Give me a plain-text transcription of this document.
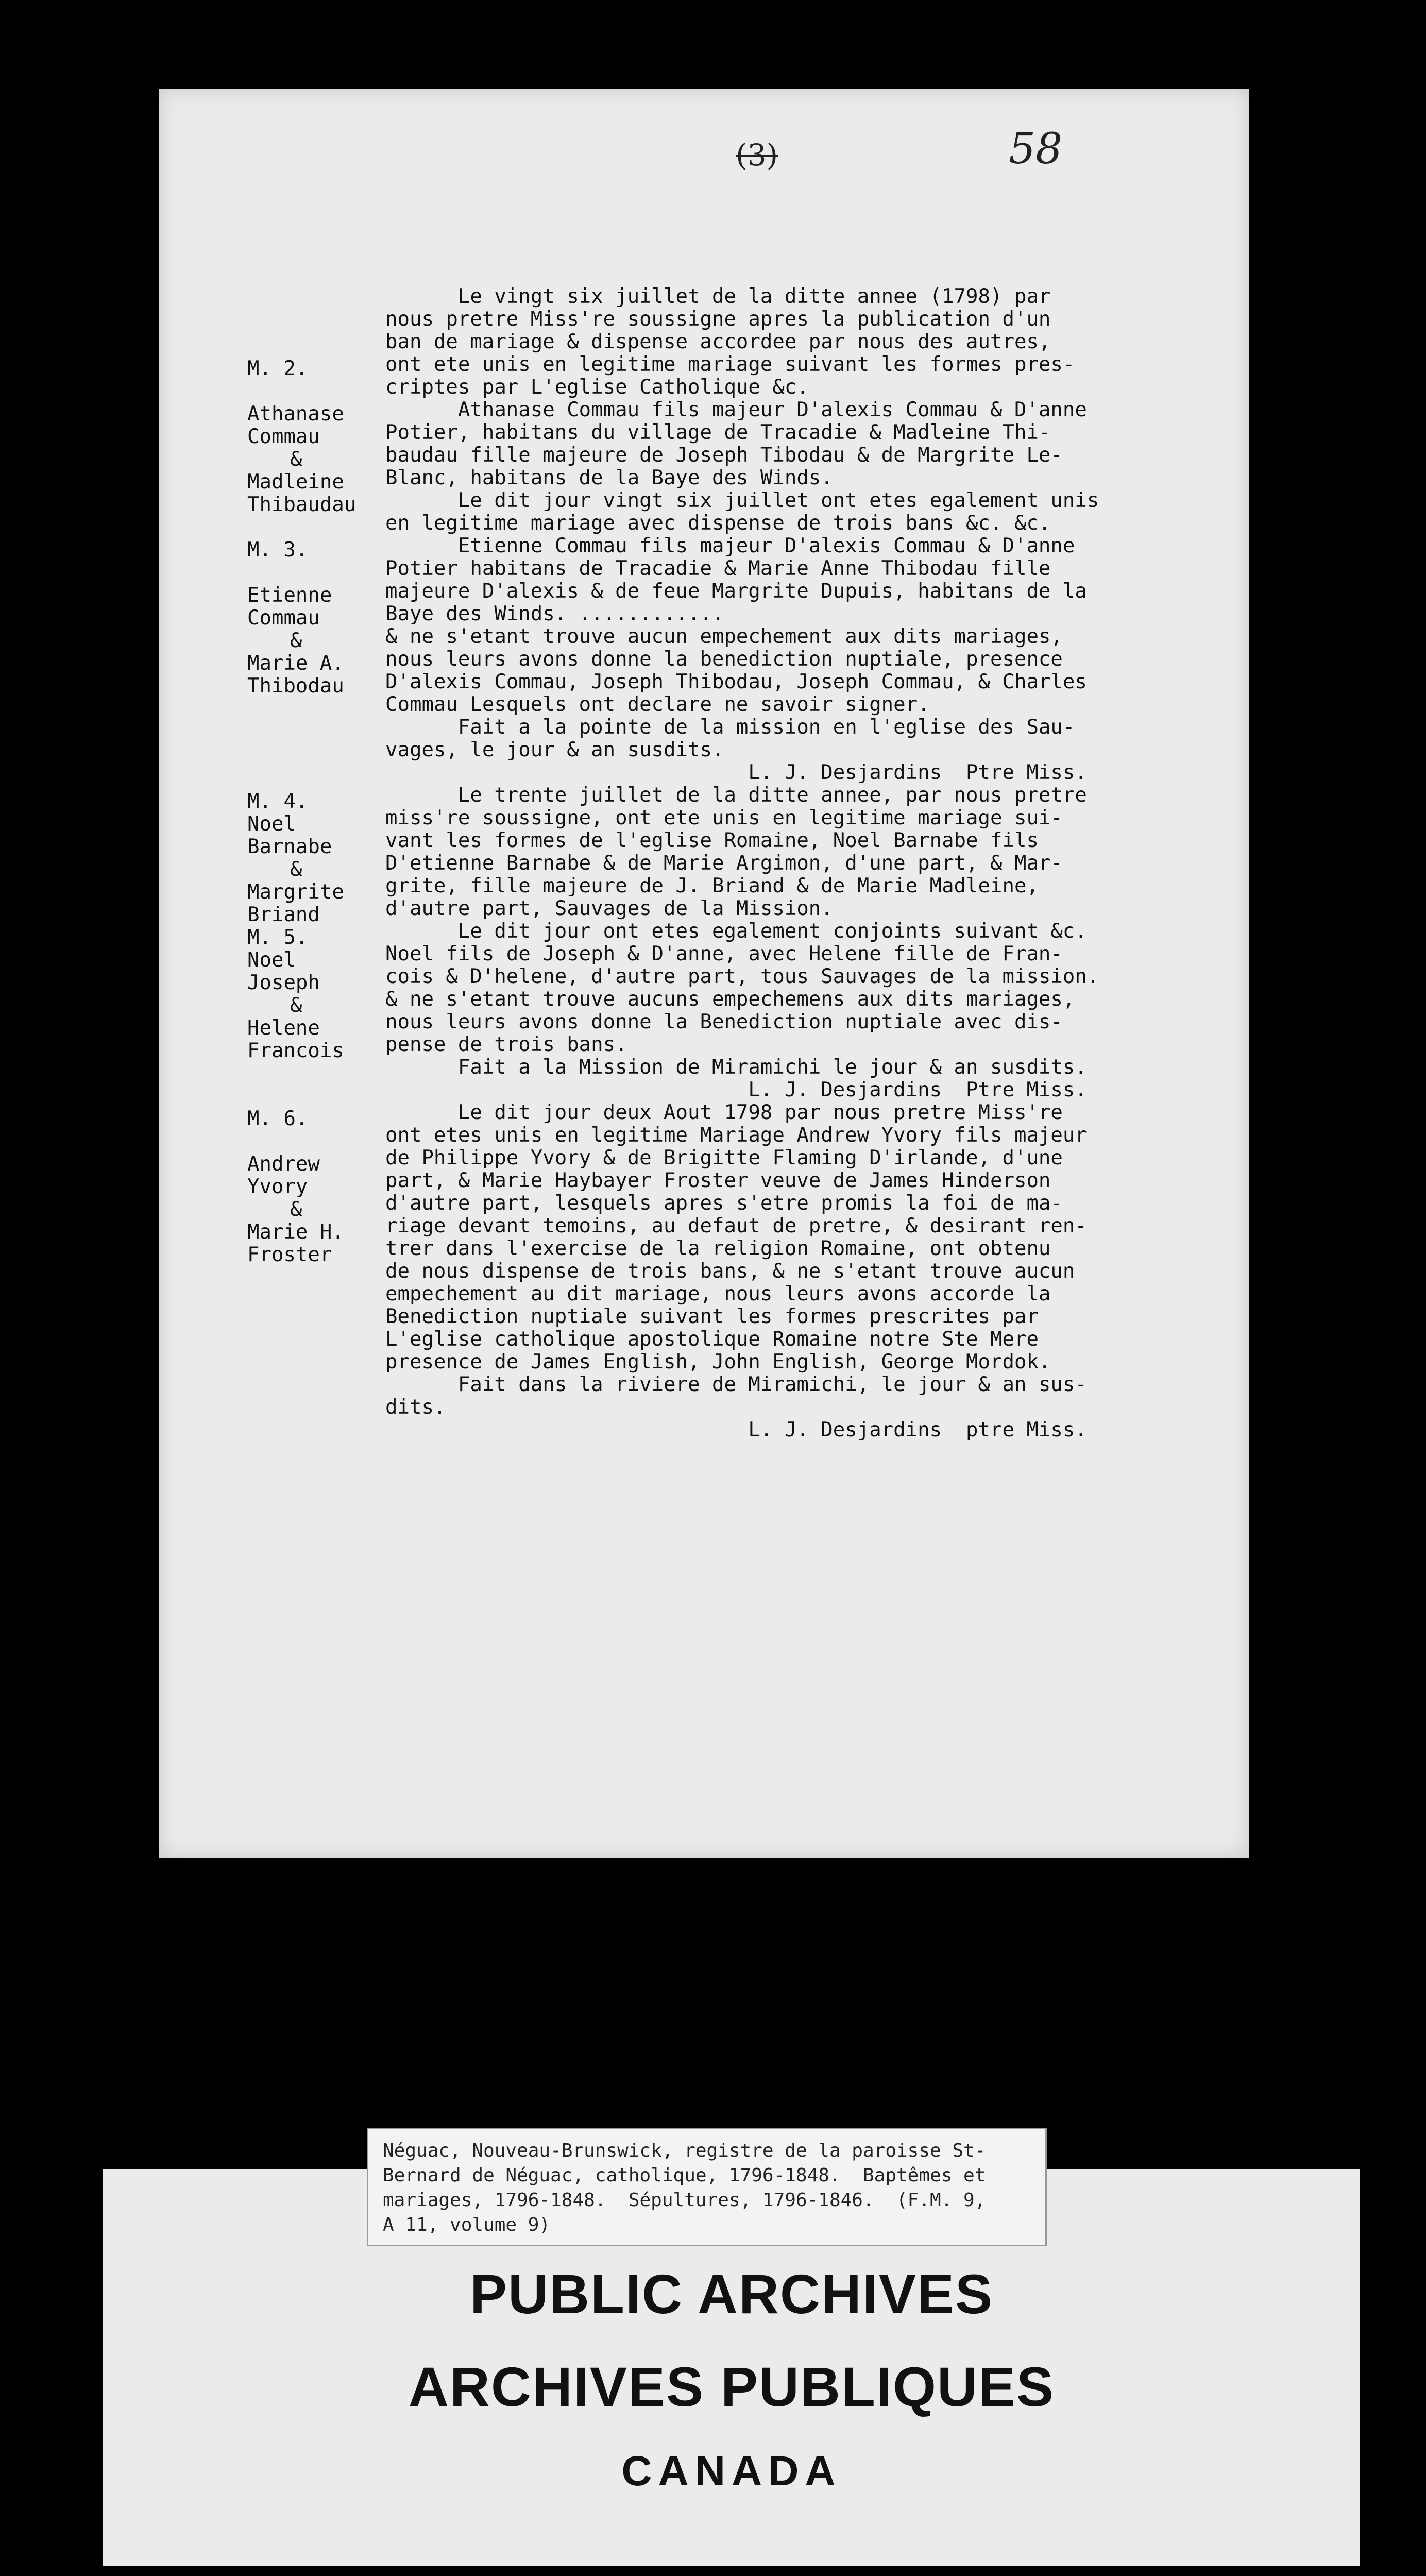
(3)	58
M. 2.
Athanase
Commau
&
Madleine
Thibaudau
M. 3.
Etienne
Commau
&
Marie A.
Thibodau
M. 4.
Noel
Barnabe
&
Margrite
Briand
M. 5.
Noel
Joseph
&
Helene
Francois
M. 6.
Andrew
Yvory
&
Marie H.
Froster
Le vingt six juillet de la ditte annee (1798) par
nous pretre Miss're soussigne apres la publication d'un
ban de mariage & dispense accordee par nous des autres,
ont ete unis en legitime mariage suivant les formes pres-
criptes par L'eglise Catholique &c.
Athanase Commau fils majeur D'alexis Commau & D'anne
Potier, habitans du village de Tracadie & Madleine Thi-
baudau fille majeure de Joseph Tibodau & de Margrite Le-
Blanc, habitans de la Baye des Winds.
Le dit jour vingt six juillet ont etes egalement unis
en legitime mariage avec dispense de trois bans &c. &c.
Etienne Commau fils majeur D'alexis Commau & D'anne
Potier habitans de Tracadie & Marie Anne Thibodau fille
majeure D'alexis & de feue Margrite Dupuis, habitans de la
Baye des Winds. ............
& ne s'etant trouve aucun empechement aux dits mariages,
nous leurs avons donne la benediction nuptiale, presence
D'alexis Commau, Joseph Thibodau, Joseph Commau, & Charles
Commau Lesquels ont declare ne savoir signer.
Fait a la pointe de la mission en l'eglise des Sau-
vages, le jour & an susdits.
L. J. Desjardins  Ptre Miss.
Le trente juillet de la ditte annee, par nous pretre
miss're soussigne, ont ete unis en legitime mariage sui-
vant les formes de l'eglise Romaine, Noel Barnabe fils
D'etienne Barnabe & de Marie Argimon, d'une part, & Mar-
grite, fille majeure de J. Briand & de Marie Madleine,
d'autre part, Sauvages de la Mission.
Le dit jour ont etes egalement conjoints suivant &c.
Noel fils de Joseph & D'anne, avec Helene fille de Fran-
cois & D'helene, d'autre part, tous Sauvages de la mission.
& ne s'etant trouve aucuns empechemens aux dits mariages,
nous leurs avons donne la Benediction nuptiale avec dis-
pense de trois bans.
Fait a la Mission de Miramichi le jour & an susdits.
L. J. Desjardins  Ptre Miss.
Le dit jour deux Aout 1798 par nous pretre Miss're
ont etes unis en legitime Mariage Andrew Yvory fils majeur
de Philippe Yvory & de Brigitte Flaming D'irlande, d'une
part, & Marie Haybayer Froster veuve de James Hinderson
d'autre part, lesquels apres s'etre promis la foi de ma-
riage devant temoins, au defaut de pretre, & desirant ren-
trer dans l'exercise de la religion Romaine, ont obtenu
de nous dispense de trois bans, & ne s'etant trouve aucun
empechement au dit mariage, nous leurs avons accorde la
Benediction nuptiale suivant les formes prescrites par
L'eglise catholique apostolique Romaine notre Ste Mere
presence de James English, John English, George Mordok.
Fait dans la riviere de Miramichi, le jour & an sus-
dits.
L. J. Desjardins  ptre Miss.
PUBLIC ARCHIVES
ARCHIVES PUBLIQUES
CANADA
Néguac, Nouveau-Brunswick, registre de la paroisse St-
Bernard de Néguac, catholique, 1796-1848.  Baptêmes et
mariages, 1796-1848.  Sépultures, 1796-1846.  (F.M. 9,
A 11, volume 9)
